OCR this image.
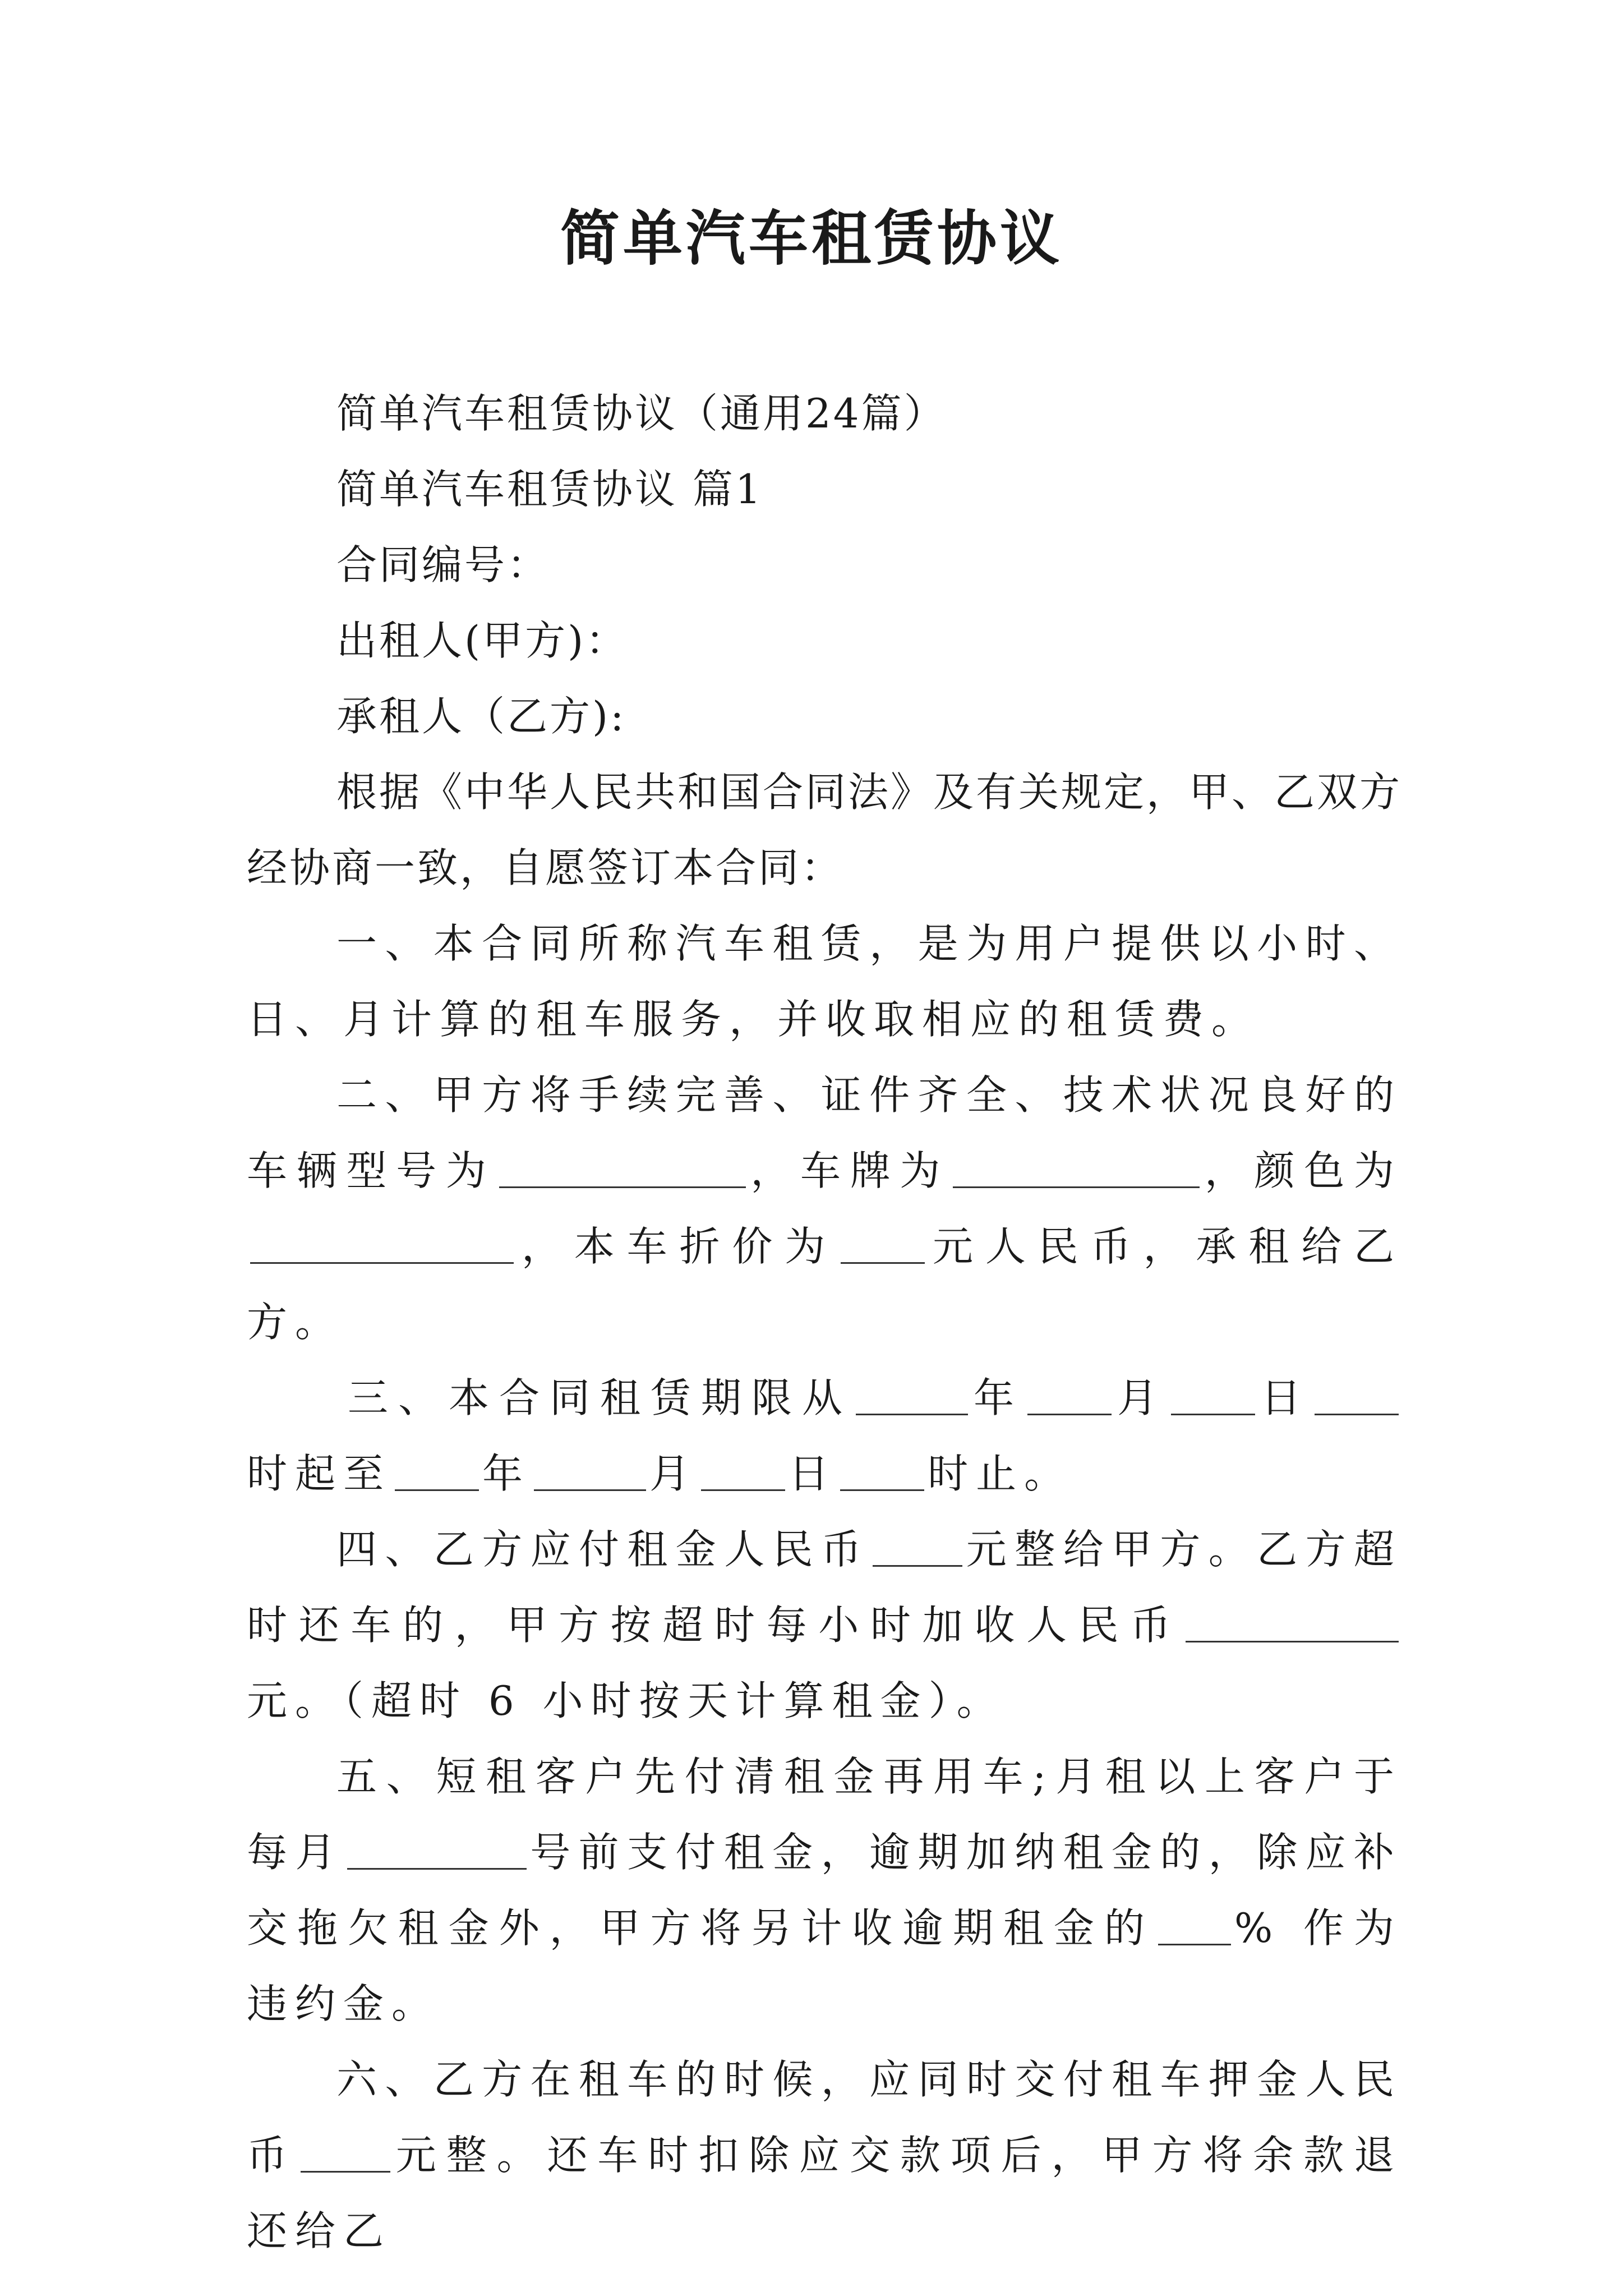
简单汽车租赁协议

简单汽车租赁协议（通用24篇）

简单汽车租赁协议 篇1

合同编号：

出租人(甲方)：

承租人（乙方):

根据《中华人民共和国合同法》及有关规定，甲、乙双方经协商一致，自愿签订本合同：

一、本合同所称汽车租赁，是为用户提供以小时、日、月计算的租车服务，并收取相应的租赁费。

二、甲方将手续完善、证件齐全、技术状况良好的车辆型号为	，车牌为	，颜色为，本车折价为 元人民币，承租给乙方。

三、本合同租赁期限从	年 月 日时起至 年	月 日 时止。

四、乙方应付租金人民币 元整给甲方。乙方超时还车的，甲方按超时每小时加收人民币元。（超时 6 小时按天计算租金）。

五、短租客户先付清租金再用车;月租以上客户于每月	号前支付租金，逾期加纳租金的，除应补交拖欠租金外，甲方将另计收逾期租金的 % 作为违约金。

六、乙方在租车的时候，应同时交付租车押金人民币 元整。还车时扣除应交款项后，甲方将余款退还给乙
